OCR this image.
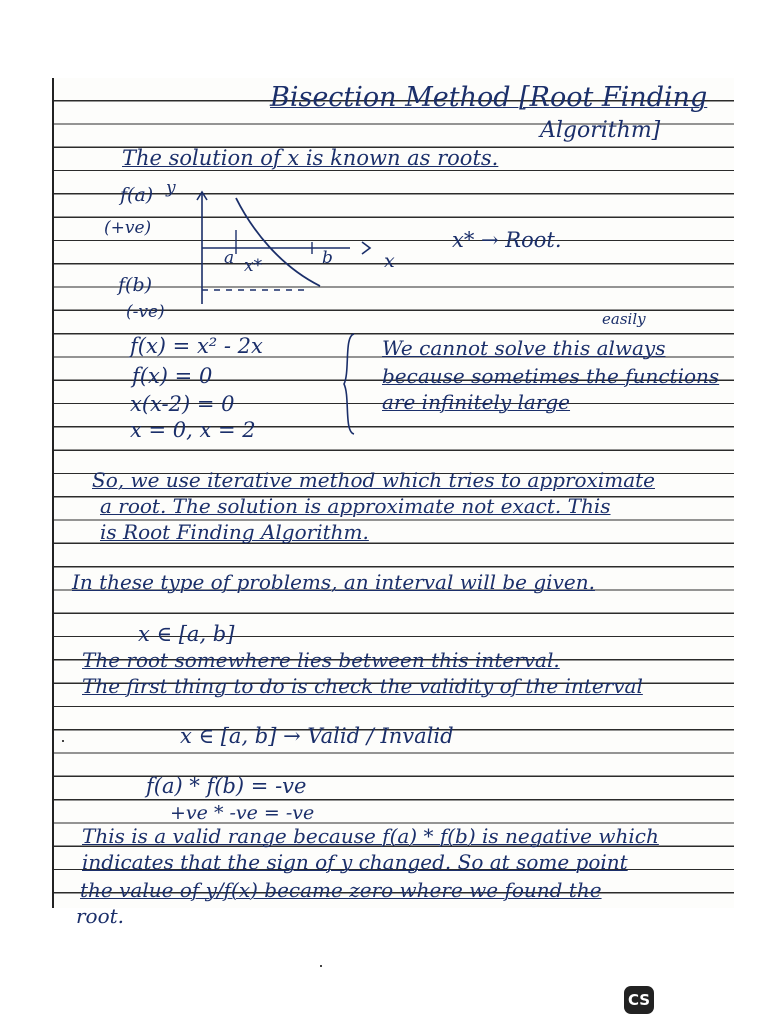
Bisection Method [Root Finding
Algorithm]
The solution of x is known as roots.
f(a) y
(+ve)
f(b)
(-ve)
a x*	b	x
x* → Root.
f(x) = x² - 2x
f(x) = 0
x(x-2) = 0
x = 0, x = 2
easily
We cannot solve this always
because sometimes the functions
are infinitely large
So, we use iterative method which tries to approximate
a root. The solution is approximate not exact. This
is Root Finding Algorithm.
In these type of problems, an interval will be given.
x ∈ [a, b]
The root somewhere lies between this interval.
The first thing to do is check the validity of the interval
x ∈ [a, b] → Valid / Invalid
f(a) * f(b) = -ve
+ve * -ve = -ve
This is a valid range because f(a) * f(b) is negative which
indicates that the sign of y changed. So at some point
the value of y/f(x) became zero where we found the
root.
CS
